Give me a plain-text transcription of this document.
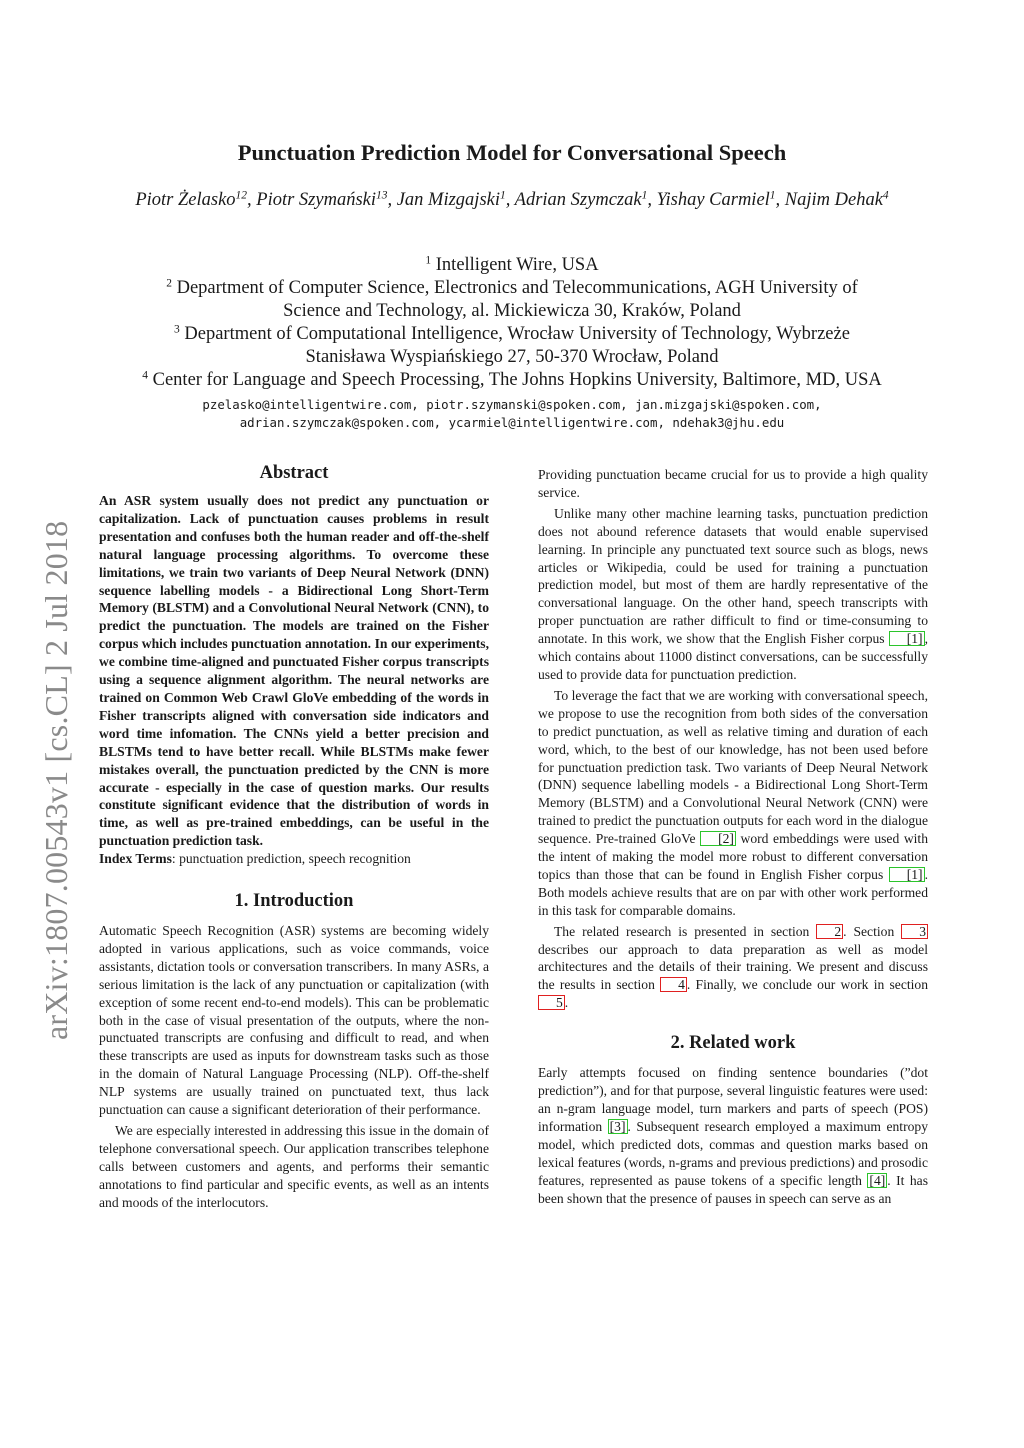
arXiv:1807.00543v1 [cs.CL] 2 Jul 2018
Punctuation Prediction Model for Conversational Speech
Piotr Żelasko$^{12}$, Piotr Szymański$^{13}$, Jan Mizgajski$^1$, Adrian Szymczak$^1$, Yishay Carmiel$^1$, Najim Dehak$^4$
$^1$ Intelligent Wire, USA
$^2$ Department of Computer Science, Electronics and Telecommunications, AGH University of
Science and Technology, al. Mickiewicza 30, Kraków, Poland
$^3$ Department of Computational Intelligence, Wrocław University of Technology, Wybrzeże
Stanisława Wyspiańskiego 27, 50-370 Wrocław, Poland
$^4$ Center for Language and Speech Processing, The Johns Hopkins University, Baltimore, MD, USA
pzelasko@intelligentwire.com, piotr.szymanski@spoken.com, jan.mizgajski@spoken.com,
adrian.szymczak@spoken.com, ycarmiel@intelligentwire.com, ndehak3@jhu.edu
Abstract

An ASR system usually does not predict any punctuation or capitalization. Lack of punctuation causes problems in result presentation and confuses both the human reader and off-the-shelf natural language processing algorithms. To overcome these limitations, we train two variants of Deep Neural Network (DNN) sequence labelling models - a Bidirectional Long Short-Term Memory (BLSTM) and a Convolutional Neural Network (CNN), to predict the punctuation. The models are trained on the Fisher corpus which includes punctuation annotation. In our experiments, we combine time-aligned and punctuated Fisher corpus transcripts using a sequence alignment algorithm. The neural networks are trained on Common Web Crawl GloVe embedding of the words in Fisher transcripts aligned with conversation side indicators and word time infomation. The CNNs yield a better precision and BLSTMs tend to have better recall. While BLSTMs make fewer mistakes overall, the punctuation predicted by the CNN is more accurate - especially in the case of question marks. Our results constitute significant evidence that the distribution of words in time, as well as pre-trained embeddings, can be useful in the punctuation prediction task.

Index Terms: punctuation prediction, speech recognition

1. Introduction

Automatic Speech Recognition (ASR) systems are becoming widely adopted in various applications, such as voice commands, voice assistants, dictation tools or conversation transcribers. In many ASRs, a serious limitation is the lack of any punctuation or capitalization (with exception of some recent end-to-end models). This can be problematic both in the case of visual presentation of the outputs, where the non-punctuated transcripts are confusing and difficult to read, and when these transcripts are used as inputs for downstream tasks such as those in the domain of Natural Language Processing (NLP). Off-the-shelf NLP systems are usually trained on punctuated text, thus lack punctuation can cause a significant deterioration of their performance.

We are especially interested in addressing this issue in the domain of telephone conversational speech. Our application transcribes telephone calls between customers and agents, and performs their semantic annotations to find particular and specific events, as well as an intents and moods of the interlocutors.

Providing punctuation became crucial for us to provide a high quality service.

Unlike many other machine learning tasks, punctuation prediction does not abound reference datasets that would enable supervised learning. In principle any punctuated text source such as blogs, news articles or Wikipedia, could be used for training a punctuation prediction model, but most of them are hardly representative of the conversational language. On the other hand, speech transcripts with proper punctuation are rather difficult to find or time-consuming to annotate. In this work, we show that the English Fisher corpus [1] , which contains about 11000 distinct conversations, can be successfully used to provide data for punctuation prediction.

To leverage the fact that we are working with conversational speech, we propose to use the recognition from both sides of the conversation to predict punctuation, as well as relative timing and duration of each word, which, to the best of our knowledge, has not been used before for punctuation prediction task. Two variants of Deep Neural Network (DNN) sequence labelling models - a Bidirectional Long Short-Term Memory (BLSTM) and a Convolutional Neural Network (CNN) were trained to predict the punctuation outputs for each word in the dialogue sequence. Pre-trained GloVe [2] word embeddings were used with the intent of making the model more robust to different conversation topics than those that can be found in English Fisher corpus [1] . Both models achieve results that are on par with other work performed in this task for comparable domains.

The related research is presented in section 2 . Section 3 describes our approach to data preparation as well as model architectures and the details of their training. We present and discuss the results in section 4 . Finally, we conclude our work in section 5 .

2. Related work

Early attempts focused on finding sentence boundaries (”dot prediction”), and for that purpose, several linguistic features were used: an n-gram language model, turn markers and parts of speech (POS) information [3] . Subsequent research employed a maximum entropy model, which predicted dots, commas and question marks based on lexical features (words, n-grams and previous predictions) and prosodic features, represented as pause tokens of a specific length [4] . It has been shown that the presence of pauses in speech can serve as an
